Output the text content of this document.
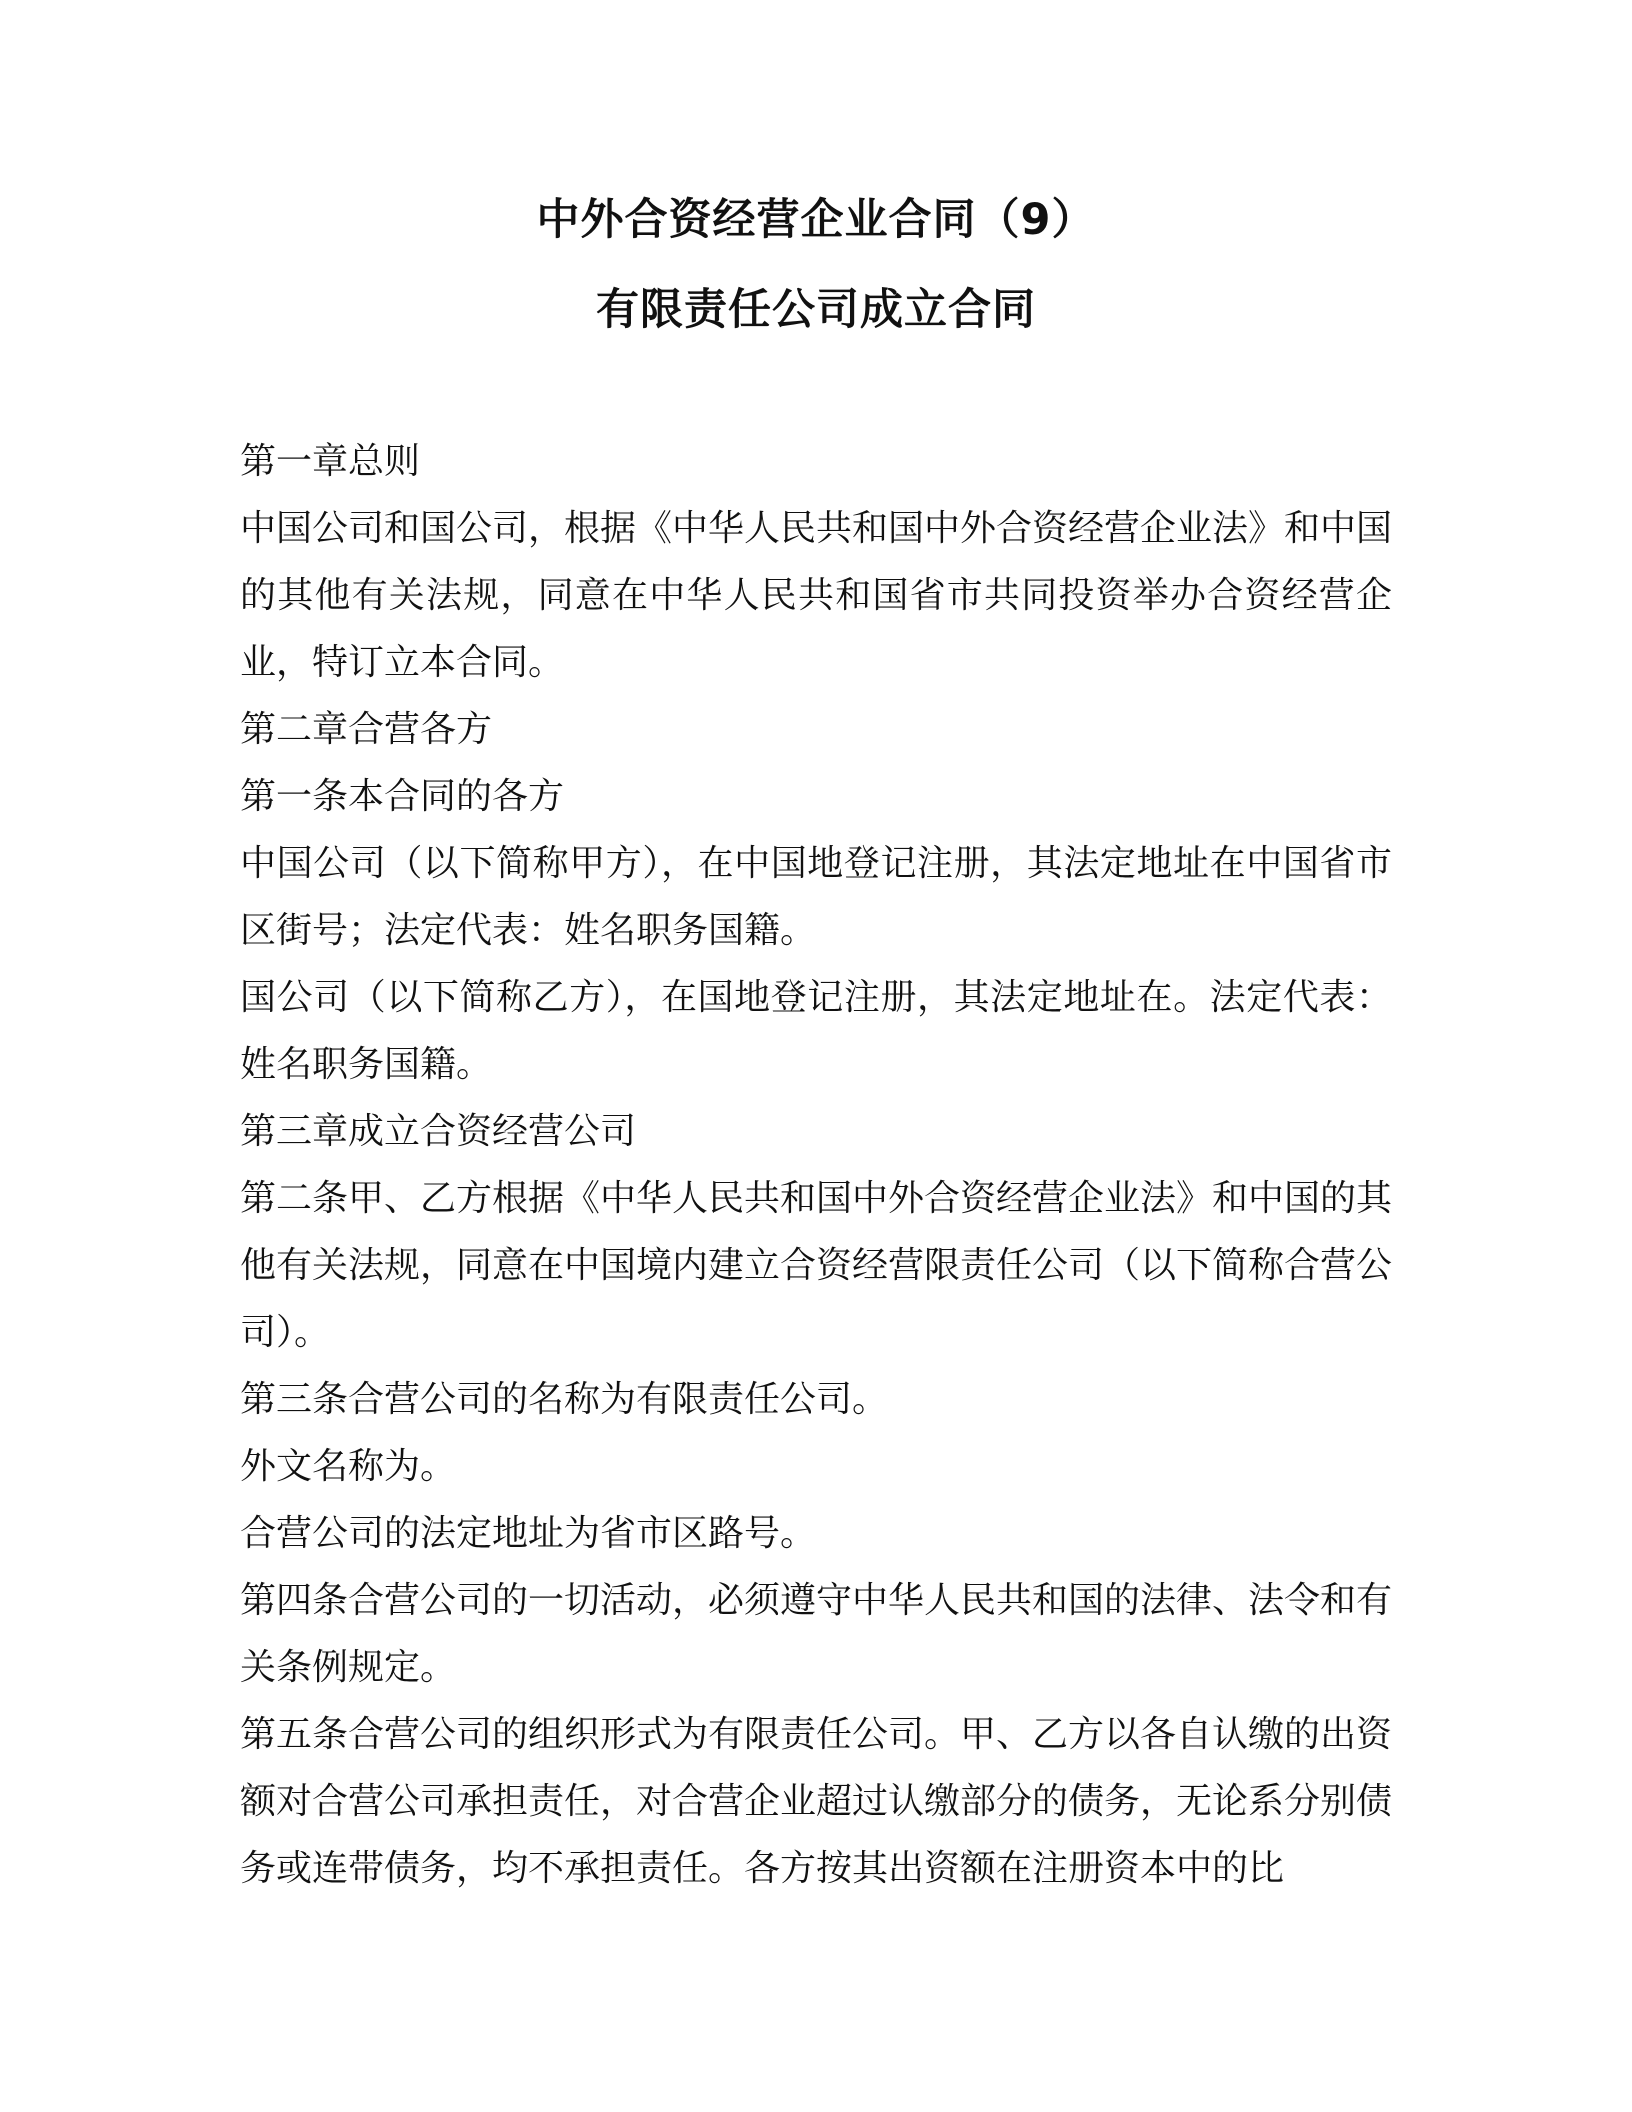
中外合资经营企业合同（9）
有限责任公司成立合同

第一章总则

中国公司和国公司，根据《中华人民共和国中外合资经营企业法》和中国的其他有关法规，同意在中华人民共和国省市共同投资举办合资经营企业，特订立本合同。

第二章合营各方

第一条本合同的各方

中国公司（以下简称甲方），在中国地登记注册，其法定地址在中国省市区街号；法定代表：姓名职务国籍。

国公司（以下简称乙方），在国地登记注册，其法定地址在。法定代表：姓名职务国籍。

第三章成立合资经营公司

第二条甲、乙方根据《中华人民共和国中外合资经营企业法》和中国的其他有关法规，同意在中国境内建立合资经营限责任公司（以下简称合营公司）。

第三条合营公司的名称为有限责任公司。

外文名称为。

合营公司的法定地址为省市区路号。

第四条合营公司的一切活动，必须遵守中华人民共和国的法律、法令和有关条例规定。

第五条合营公司的组织形式为有限责任公司。甲、乙方以各自认缴的出资额对合营公司承担责任，对合营企业超过认缴部分的债务，无论系分别债务或连带债务，均不承担责任。各方按其出资额在注册资本中的比
